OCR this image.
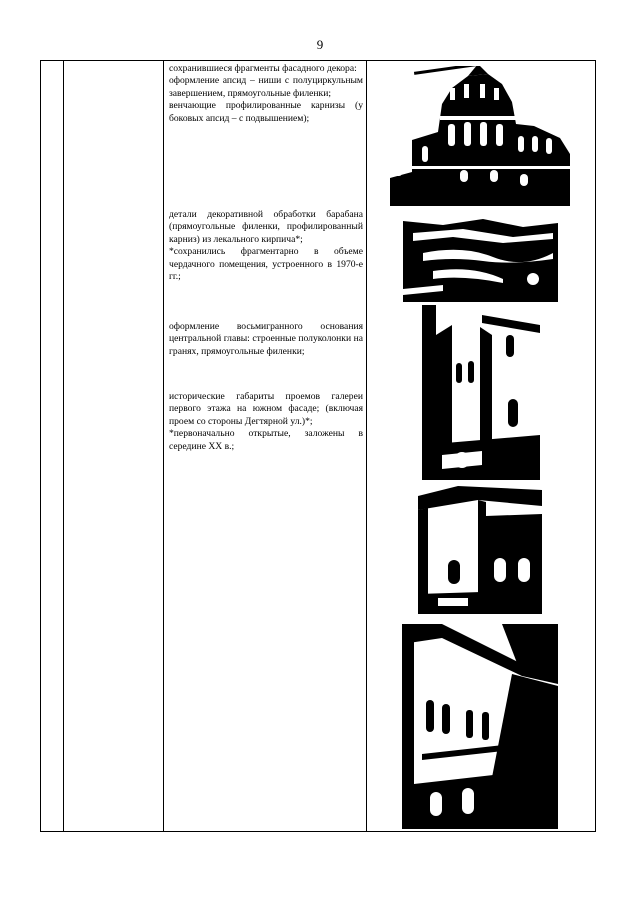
9

сохранившиеся фрагменты фасадного декора:

оформление апсид – ниши с полуциркульным завершением, прямоугольные филенки;

венчающие профилированные карнизы (у боковых апсид – с подвышением);

детали декоративной обработки барабана (прямоугольные филенки, профилированный карниз) из лекального кирпича*;

*сохранились фрагментарно в объеме чердачного помещения, устроенного в 1970-е гг.;

оформление восьмигранного основания центральной главы: строенные полуколонки на гранях, прямоугольные филенки;

исторические габариты проемов галереи первого этажа на южном фасаде; (включая проем со стороны Дегтярной ул.)*;

*первоначально открытые, заложены в середине XX в.;
